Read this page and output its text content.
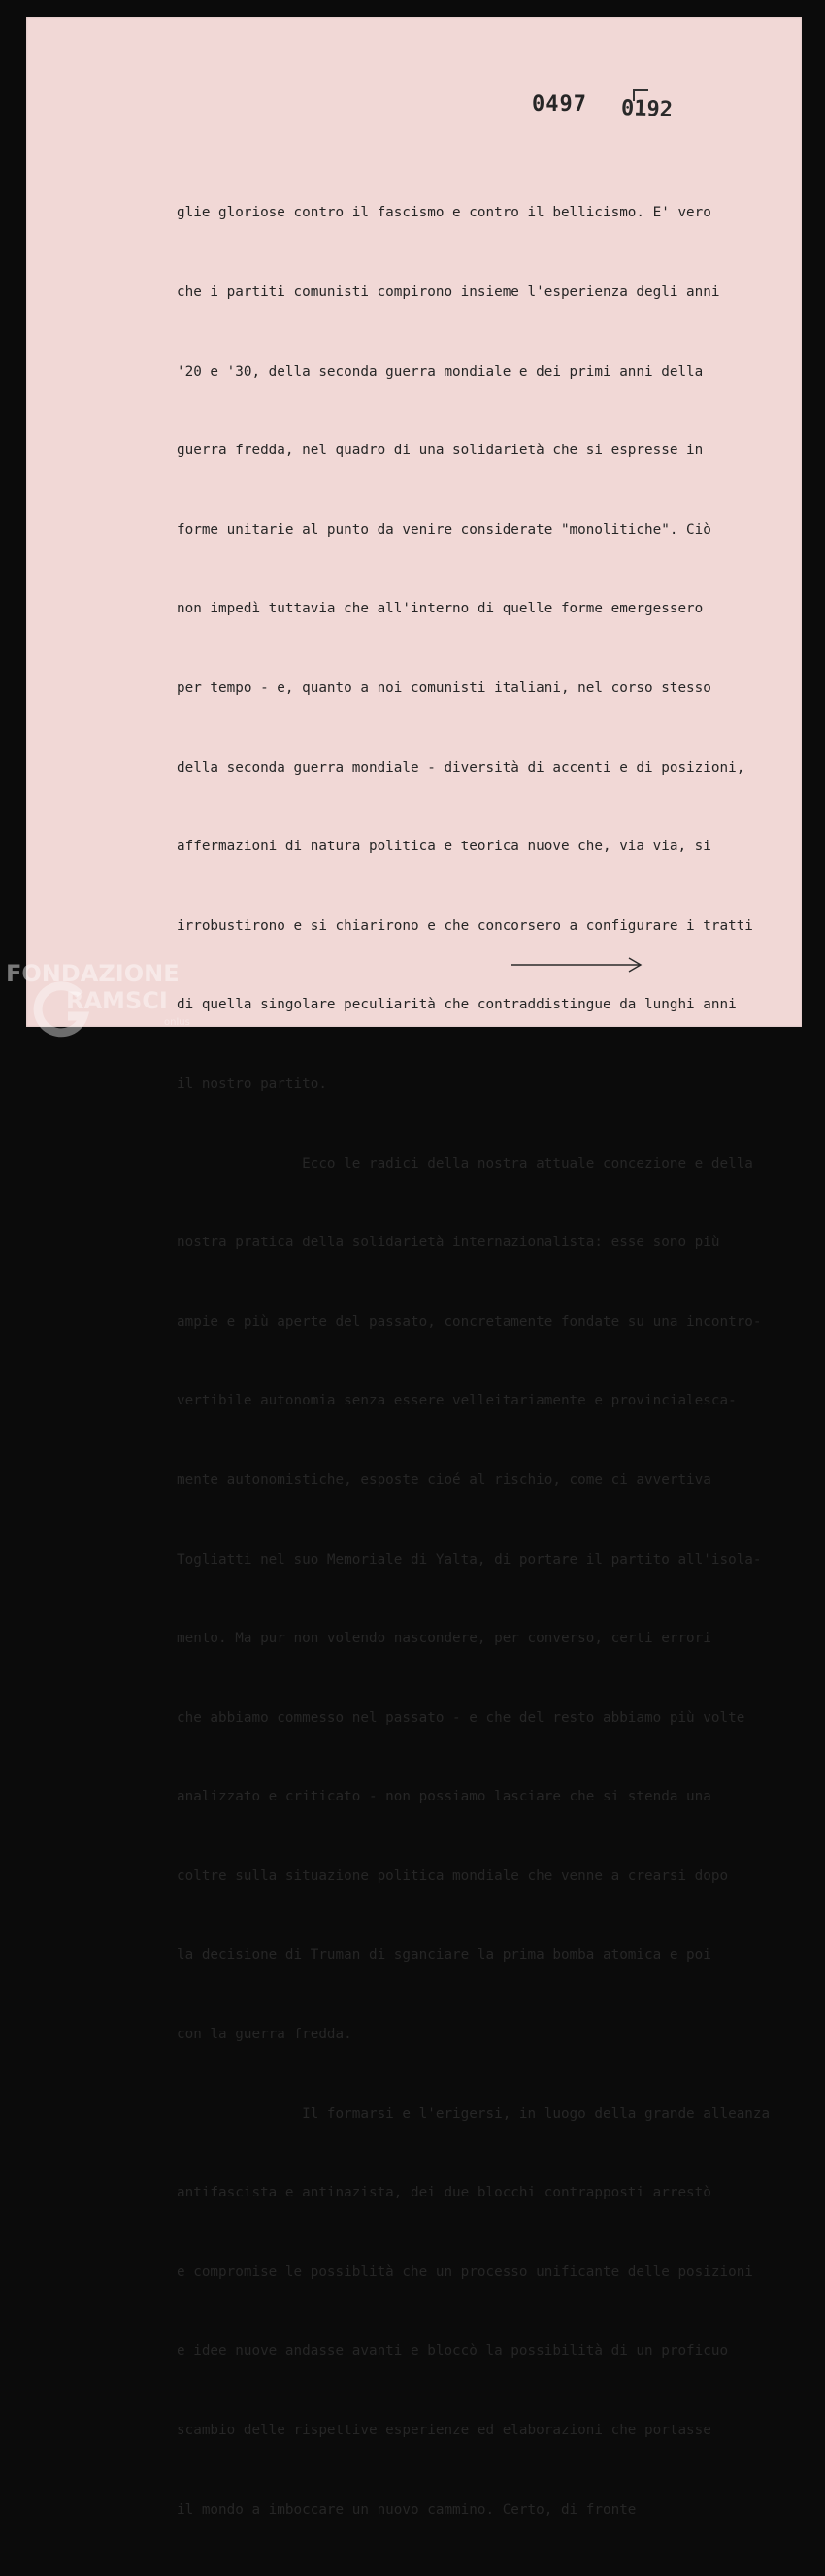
0497 0192

glie gloriose contro il fascismo e contro il bellicismo. E' vero

che i partiti comunisti compirono insieme l'esperienza degli anni

'20 e '30, della seconda guerra mondiale e dei primi anni della

guerra fredda, nel quadro di una solidarietà che si espresse in

forme unitarie al punto da venire considerate "monolitiche". Ciò

non impedì tuttavia che all'interno di quelle forme emergessero

per tempo - e, quanto a noi comunisti italiani, nel corso stesso

della seconda guerra mondiale - diversità di accenti e di posizioni,

affermazioni di natura politica e teorica nuove che, via via, si

irrobustirono e si chiarirono e che concorsero a configurare i tratti

di quella singolare peculiarità che contraddistingue da lunghi anni

il nostro partito.

Ecco le radici della nostra attuale concezione e della

nostra pratica della solidarietà internazionalista: esse sono più

ampie e più aperte del passato, concretamente fondate su una incontro-

vertibile autonomia senza essere velleitariamente e provincialesca-

mente autonomistiche, esposte cioé al rischio, come ci avvertiva

Togliatti nel suo Memoriale di Yalta, di portare il partito all'isola-

mento. Ma pur non volendo nascondere, per converso, certi errori

che abbiamo commesso nel passato - e che del resto abbiamo più volte

analizzato e criticato - non possiamo lasciare che si stenda una

coltre sulla situazione politica mondiale che venne a crearsi dopo

la decisione di Truman di sganciare la prima bomba atomica e poi

con la guerra fredda.

Il formarsi e l'erigersi, in luogo della grande alleanza

antifascista e antinazista, dei due blocchi contrapposti arrestò

e compromise le possiblità che un processo unificante delle posizioni

e idee nuove andasse avanti e bloccò la possibilità di un proficuo

scambio delle rispettive esperienze ed elaborazioni che portasse

il mondo a imboccare un nuovo cammino. Certo, di fronte

FONDAZIONE
RAMSCI
onlus
